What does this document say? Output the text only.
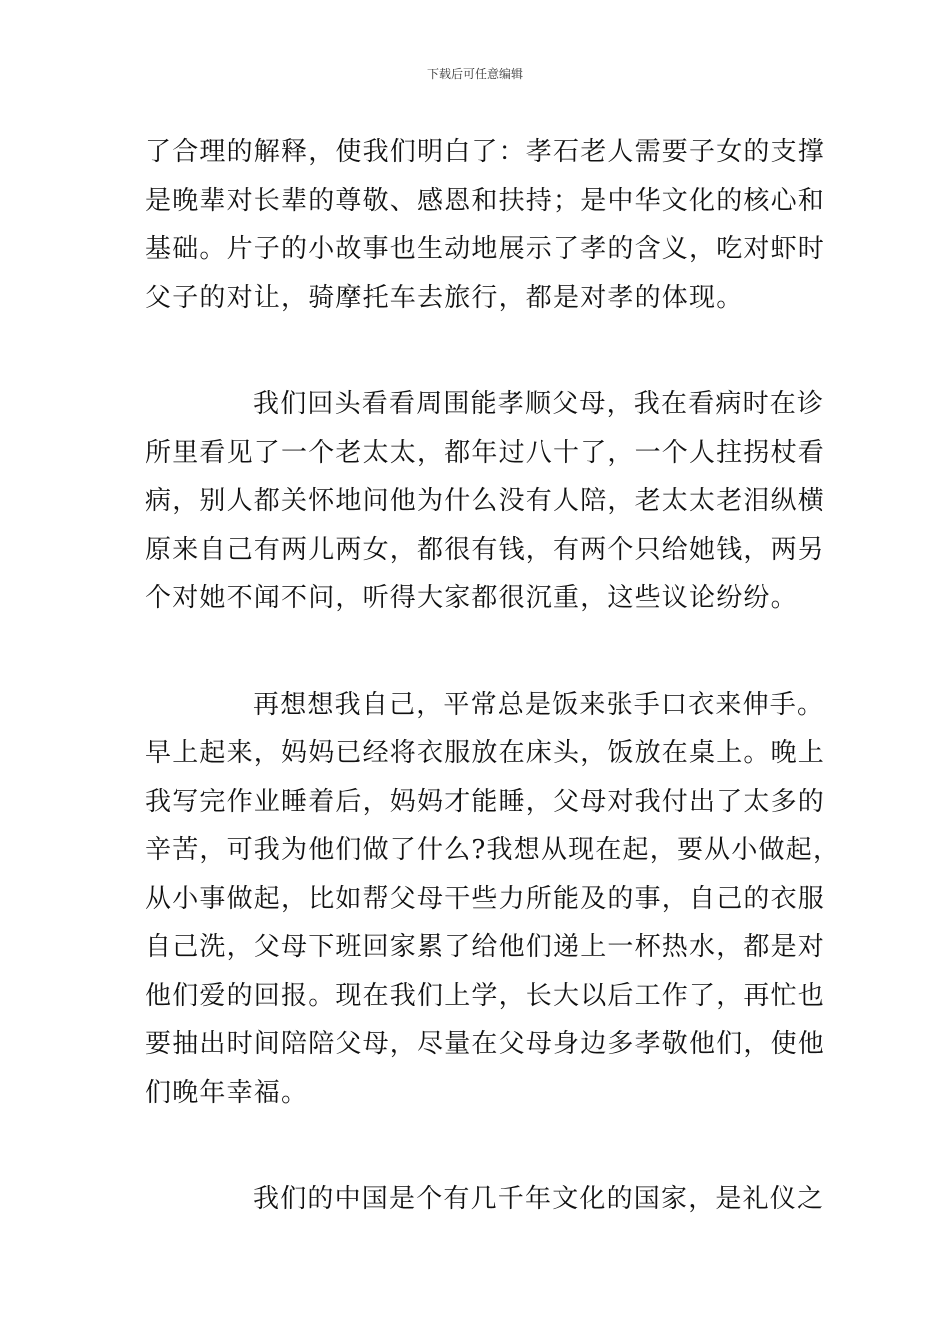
下载后可任意编辑
了合理的解释，使我们明白了：孝石老人需要子女的支撑
是晚辈对长辈的尊敬、感恩和扶持；是中华文化的核心和
基础。片子的小故事也生动地展示了孝的含义，吃对虾时
父子的对让，骑摩托车去旅行，都是对孝的体现。
我们回头看看周围能孝顺父母，我在看病时在诊
所里看见了一个老太太，都年过八十了，一个人拄拐杖看
病，别人都关怀地问他为什么没有人陪，老太太老泪纵横
原来自己有两儿两女，都很有钱，有两个只给她钱，两另
个对她不闻不问，听得大家都很沉重，这些议论纷纷。
再想想我自己，平常总是饭来张手口衣来伸手。
早上起来，妈妈已经将衣服放在床头，饭放在桌上。晚上
我写完作业睡着后，妈妈才能睡，父母对我付出了太多的
辛苦，可我为他们做了什么?我想从现在起，要从小做起，
从小事做起，比如帮父母干些力所能及的事，自己的衣服
自己洗，父母下班回家累了给他们递上一杯热水，都是对
他们爱的回报。现在我们上学，长大以后工作了，再忙也
要抽出时间陪陪父母，尽量在父母身边多孝敬他们，使他
们晚年幸福。
我们的中国是个有几千年文化的国家，是礼仪之
